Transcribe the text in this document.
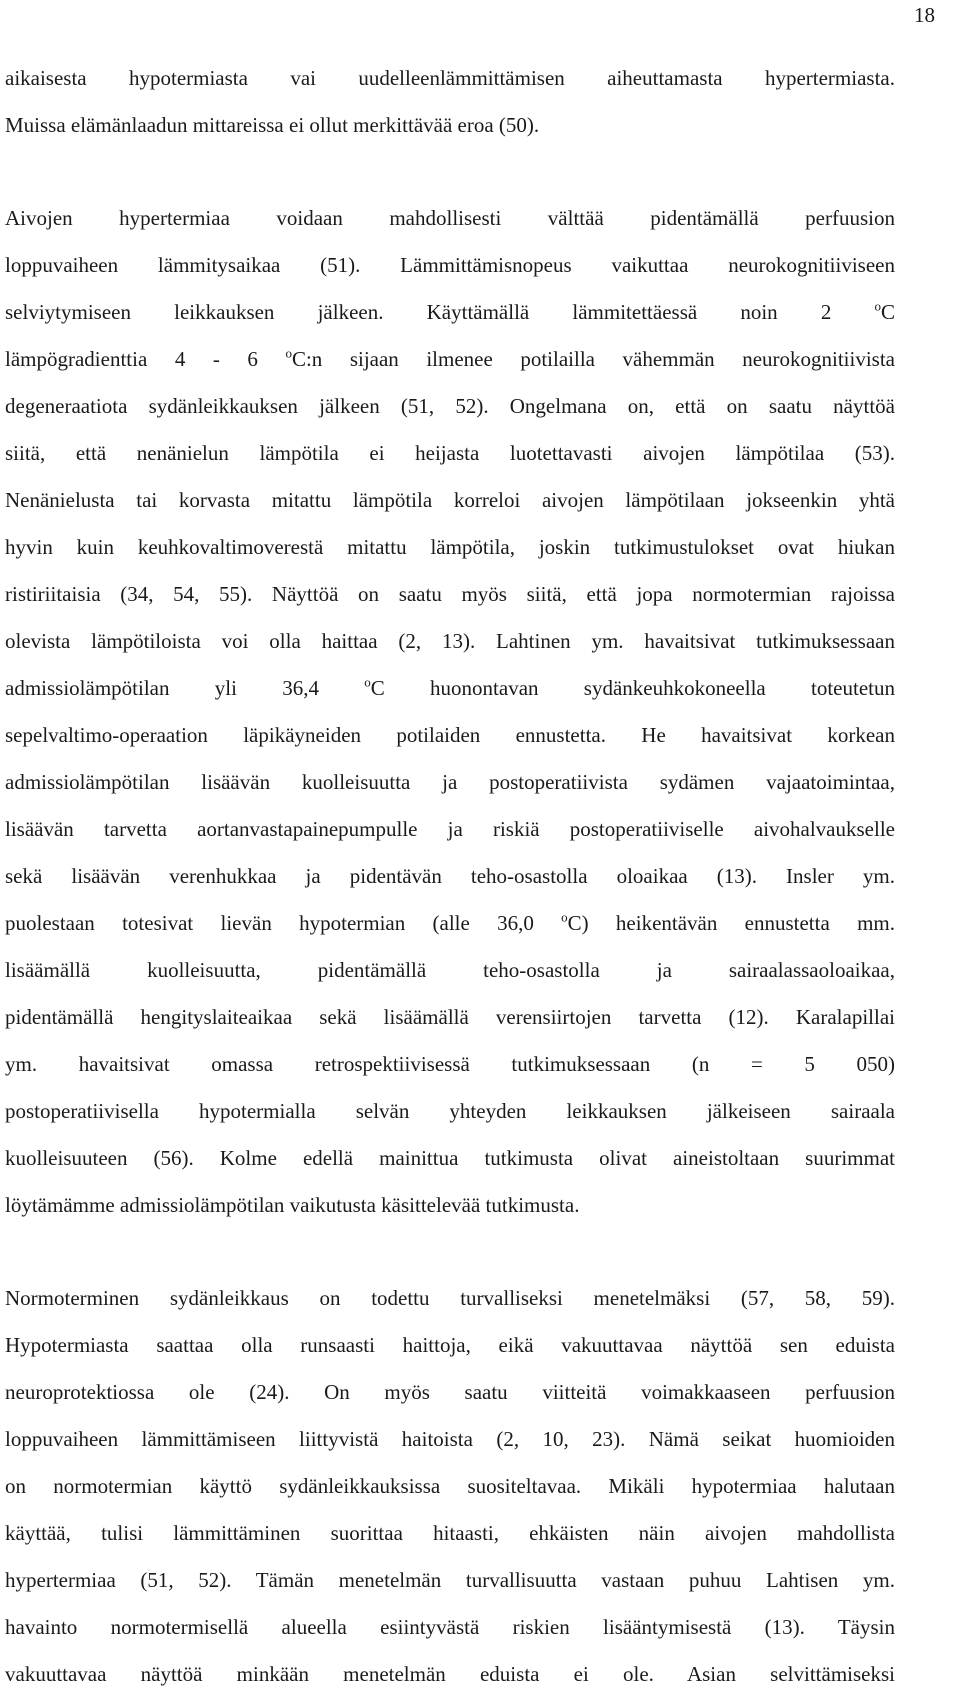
18
aikaisesta hypotermiasta vai uudelleenlämmittämisen aiheuttamasta hypertermiasta.
Muissa elämänlaadun mittareissa ei ollut merkittävää eroa (50).
Aivojen hypertermiaa voidaan mahdollisesti välttää pidentämällä perfuusion
loppuvaiheen lämmitysaikaa (51). Lämmittämisnopeus vaikuttaa neurokognitiiviseen
selviytymiseen leikkauksen jälkeen. Käyttämällä lämmitettäessä noin 2 $^o$C
lämpögradienttia 4 - 6 $^o$C:n sijaan ilmenee potilailla vähemmän neurokognitiivista
degeneraatiota sydänleikkauksen jälkeen (51, 52). Ongelmana on, että on saatu näyttöä
siitä, että nenänielun lämpötila ei heijasta luotettavasti aivojen lämpötilaa (53).
Nenänielusta tai korvasta mitattu lämpötila korreloi aivojen lämpötilaan jokseenkin yhtä
hyvin kuin keuhkovaltimoverestä mitattu lämpötila, joskin tutkimustulokset ovat hiukan
ristiriitaisia (34, 54, 55). Näyttöä on saatu myös siitä, että jopa normotermian rajoissa
olevista lämpötiloista voi olla haittaa (2, 13). Lahtinen ym. havaitsivat tutkimuksessaan
admissiolämpötilan yli 36,4 $^o$C huonontavan sydänkeuhkokoneella toteutetun
sepelvaltimo-operaation läpikäyneiden potilaiden ennustetta. He havaitsivat korkean
admissiolämpötilan lisäävän kuolleisuutta ja postoperatiivista sydämen vajaatoimintaa,
lisäävän tarvetta aortanvastapainepumpulle ja riskiä postoperatiiviselle aivohalvaukselle
sekä lisäävän verenhukkaa ja pidentävän teho-osastolla oloaikaa (13). Insler ym.
puolestaan totesivat lievän hypotermian (alle 36,0 $^o$C) heikentävän ennustetta mm.
lisäämällä kuolleisuutta, pidentämällä teho-osastolla ja sairaalassaoloaikaa,
pidentämällä hengityslaiteaikaa sekä lisäämällä verensiirtojen tarvetta (12). Karalapillai
ym. havaitsivat omassa retrospektiivisessä tutkimuksessaan (n = 5 050)
postoperatiivisella hypotermialla selvän yhteyden leikkauksen jälkeiseen sairaala
kuolleisuuteen (56). Kolme edellä mainittua tutkimusta olivat aineistoltaan suurimmat
löytämämme admissiolämpötilan vaikutusta käsittelevää tutkimusta.
Normoterminen sydänleikkaus on todettu turvalliseksi menetelmäksi (57, 58, 59).
Hypotermiasta saattaa olla runsaasti haittoja, eikä vakuuttavaa näyttöä sen eduista
neuroprotektiossa ole (24). On myös saatu viitteitä voimakkaaseen perfuusion
loppuvaiheen lämmittämiseen liittyvistä haitoista (2, 10, 23). Nämä seikat huomioiden
on normotermian käyttö sydänleikkauksissa suositeltavaa. Mikäli hypotermiaa halutaan
käyttää, tulisi lämmittäminen suorittaa hitaasti, ehkäisten näin aivojen mahdollista
hypertermiaa (51, 52). Tämän menetelmän turvallisuutta vastaan puhuu Lahtisen ym.
havainto normotermisellä alueella esiintyvästä riskien lisääntymisestä (13). Täysin
vakuuttavaa näyttöä minkään menetelmän eduista ei ole. Asian selvittämiseksi
